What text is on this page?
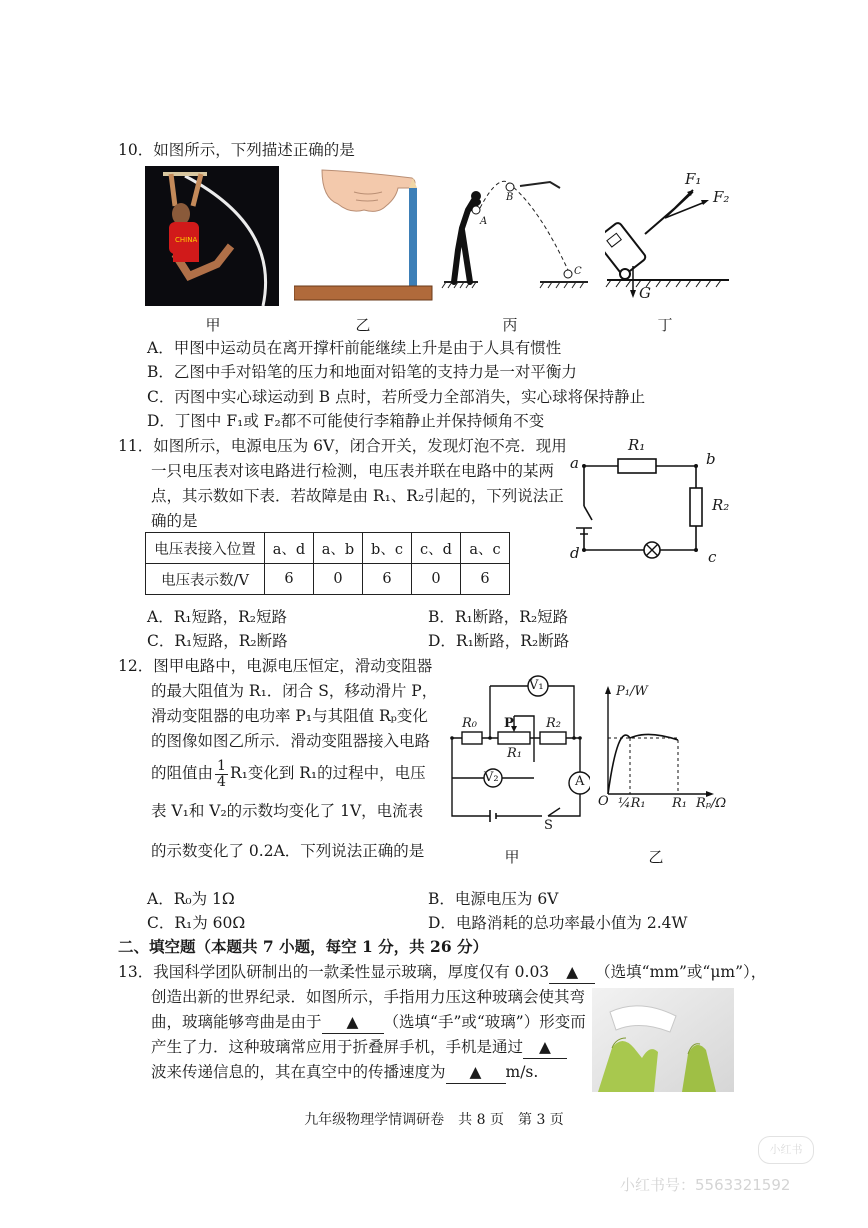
10．如图所示，下列描述正确的是
CHINA
A
B
C
F₁
F₂
G
甲	乙	丙	丁
A．甲图中运动员在离开撑杆前能继续上升是由于人具有惯性
B．乙图中手对铅笔的压力和地面对铅笔的支持力是一对平衡力
C．丙图中实心球运动到 B 点时，若所受力全部消失，实心球将保持静止
D．丁图中 F₁或 F₂都不可能使行李箱静止并保持倾角不变
11．如图所示，电源电压为 6V，闭合开关，发现灯泡不亮．现用
一只电压表对该电路进行检测，电压表并联在电路中的某两
点，其示数如下表．若故障是由 R₁、R₂引起的，下列说法正
确的是
电压表接入位置	a、d	a、b	b、c	c、d	a、c
电压表示数/V	6	0	6	0	6
a	b
c
d
R₁
R₂
A．R₁短路，R₂短路	B．R₁断路，R₂短路
C．R₁短路，R₂断路	D．R₁断路，R₂断路
12．图甲电路中，电源电压恒定，滑动变阻器
的最大阻值为 R₁．闭合 S，移动滑片 P，
滑动变阻器的电功率 P₁与其阻值 Rₚ变化
的图像如图乙所示．滑动变阻器接入电路
的阻值由 $\frac{1}{4} R_1$变化到 R₁的过程中，电压
表 V₁和 V₂的示数均变化了 1V，电流表
的示数变化了 0.2A．下列说法正确的是
V₁
V₂	A
R₀
R₁
R₂
P
S
P₁/W
Rₚ/Ω
O ¼R₁ R₁
甲	乙
A．R₀为 1Ω	B．电源电压为 6V
C．R₁为 60Ω	D．电路消耗的总功率最小值为 2.4W
二、填空题（本题共 7 小题，每空 1 分，共 26 分）
13．我国科学团队研制出的一款柔性显示玻璃，厚度仅有 0.03 ▲ （选填“mm”或“μm”），
创造出新的世界纪录．如图所示，手指用力压这种玻璃会使其弯
曲，玻璃能够弯曲是由于 ▲ （选填“手”或“玻璃”）形变而
产生了力．这种玻璃常应用于折叠屏手机，手机是通过 ▲
波来传递信息的，其在真空中的传播速度为 ▲ m/s.
九年级物理学情调研卷　共 8 页　第 3 页
小红书
小红书号：5563321592
